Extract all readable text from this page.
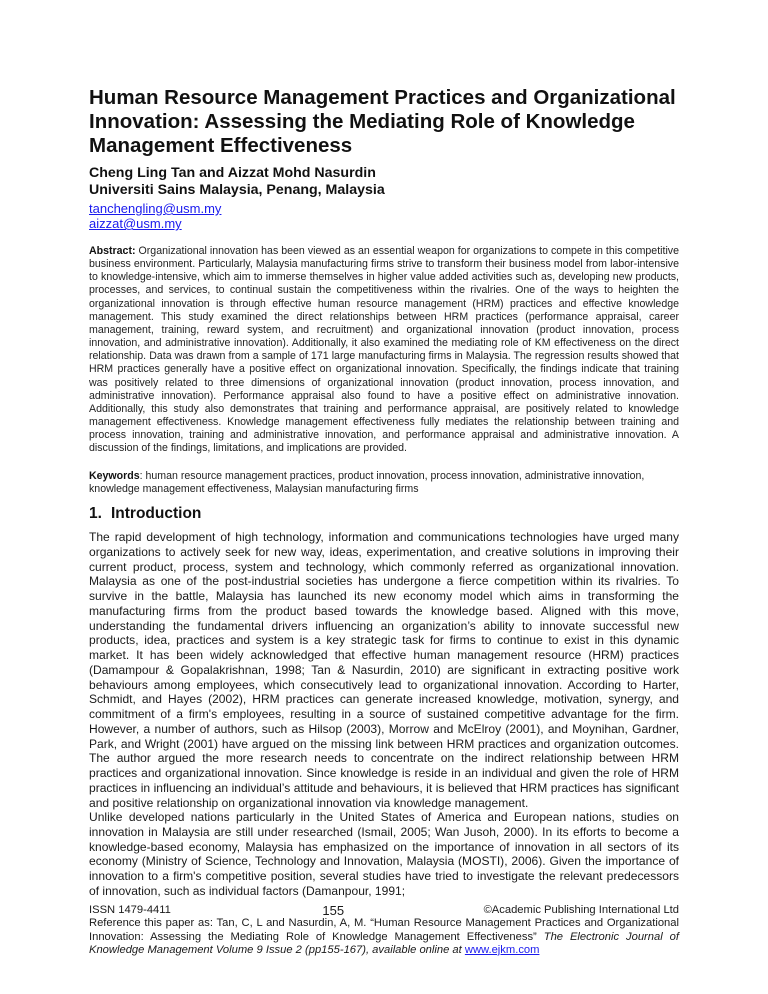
Human Resource Management Practices and Organizational Innovation: Assessing the Mediating Role of Knowledge Management Effectiveness
Cheng Ling Tan and Aizzat Mohd Nasurdin
Universiti Sains Malaysia, Penang, Malaysia
tanchengling@usm.my
aizzat@usm.my

Abstract: Organizational innovation has been viewed as an essential weapon for organizations to compete in this competitive business environment. Particularly, Malaysia manufacturing firms strive to transform their business model from labor-intensive to knowledge-intensive, which aim to immerse themselves in higher value added activities such as, developing new products, processes, and services, to continual sustain the competitiveness within the rivalries. One of the ways to heighten the organizational innovation is through effective human resource management (HRM) practices and effective knowledge management. This study examined the direct relationships between HRM practices (performance appraisal, career management, training, reward system, and recruitment) and organizational innovation (product innovation, process innovation, and administrative innovation). Additionally, it also examined the mediating role of KM effectiveness on the direct relationship. Data was drawn from a sample of 171 large manufacturing firms in Malaysia. The regression results showed that HRM practices generally have a positive effect on organizational innovation. Specifically, the findings indicate that training was positively related to three dimensions of organizational innovation (product innovation, process innovation, and administrative innovation). Performance appraisal also found to have a positive effect on administrative innovation. Additionally, this study also demonstrates that training and performance appraisal, are positively related to knowledge management effectiveness. Knowledge management effectiveness fully mediates the relationship between training and process innovation, training and administrative innovation, and performance appraisal and administrative innovation. A discussion of the findings, limitations, and implications are provided.

Keywords: human resource management practices, product innovation, process innovation, administrative innovation, knowledge management effectiveness, Malaysian manufacturing firms

1. Introduction

The rapid development of high technology, information and communications technologies have urged many organizations to actively seek for new way, ideas, experimentation, and creative solutions in improving their current product, process, system and technology, which commonly referred as organizational innovation. Malaysia as one of the post-industrial societies has undergone a fierce competition within its rivalries. To survive in the battle, Malaysia has launched its new economy model which aims in transforming the manufacturing firms from the product based towards the knowledge based. Aligned with this move, understanding the fundamental drivers influencing an organization’s ability to innovate successful new products, idea, practices and system is a key strategic task for firms to continue to exist in this dynamic market. It has been widely acknowledged that effective human management resource (HRM) practices (Damampour & Gopalakrishnan, 1998; Tan & Nasurdin, 2010) are significant in extracting positive work behaviours among employees, which consecutively lead to organizational innovation. According to Harter, Schmidt, and Hayes (2002), HRM practices can generate increased knowledge, motivation, synergy, and commitment of a firm's employees, resulting in a source of sustained competitive advantage for the firm. However, a number of authors, such as Hilsop (2003), Morrow and McElroy (2001), and Moynihan, Gardner, Park, and Wright (2001) have argued on the missing link between HRM practices and organization outcomes. The author argued the more research needs to concentrate on the indirect relationship between HRM practices and organizational innovation. Since knowledge is reside in an individual and given the role of HRM practices in influencing an individual’s attitude and behaviours, it is believed that HRM practices has significant and positive relationship on organizational innovation via knowledge management.

Unlike developed nations particularly in the United States of America and European nations, studies on innovation in Malaysia are still under researched (Ismail, 2005; Wan Jusoh, 2000). In its efforts to become a knowledge-based economy, Malaysia has emphasized on the importance of innovation in all sectors of its economy (Ministry of Science, Technology and Innovation, Malaysia (MOSTI), 2006). Given the importance of innovation to a firm's competitive position, several studies have tried to investigate the relevant predecessors of innovation, such as individual factors (Damanpour, 1991;

ISSN 1479-4411	155	©Academic Publishing International Ltd
Reference this paper as: Tan, C, L and Nasurdin, A, M. “Human Resource Management Practices and Organizational Innovation: Assessing the Mediating Role of Knowledge Management Effectiveness” The Electronic Journal of Knowledge Management Volume 9 Issue 2 (pp155-167), available online at www.ejkm.com
